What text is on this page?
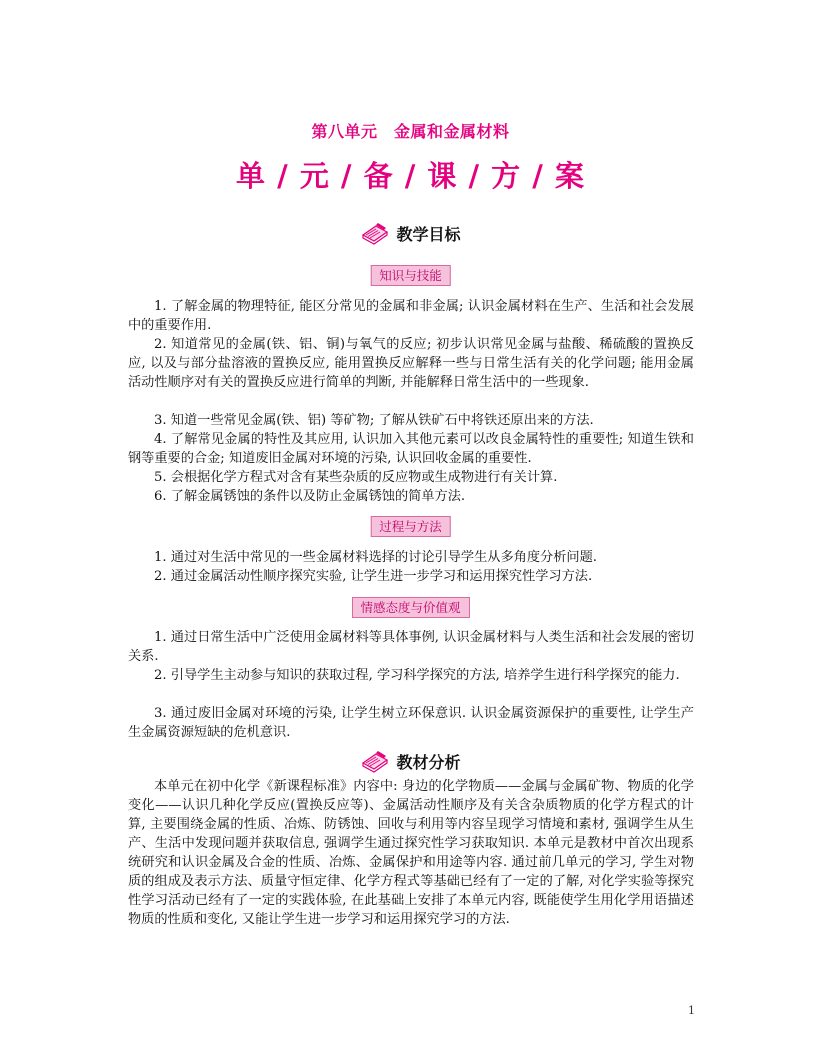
第八单元　金属和金属材料
单 / 元 / 备 / 课 / 方 / 案
教学目标
知识与技能

1. 了解金属的物理特征, 能区分常见的金属和非金属; 认识金属材料在生产、生活和社会发展中的重要作用.

2. 知道常见的金属(铁、铝、铜)与氧气的反应; 初步认识常见金属与盐酸、稀硫酸的置换反应, 以及与部分盐溶液的置换反应, 能用置换反应解释一些与日常生活有关的化学问题; 能用金属活动性顺序对有关的置换反应进行简单的判断, 并能解释日常生活中的一些现象.

3. 知道一些常见金属(铁、铝) 等矿物; 了解从铁矿石中将铁还原出来的方法.

4. 了解常见金属的特性及其应用, 认识加入其他元素可以改良金属特性的重要性; 知道生铁和钢等重要的合金; 知道废旧金属对环境的污染, 认识回收金属的重要性.

5. 会根据化学方程式对含有某些杂质的反应物或生成物进行有关计算.

6. 了解金属锈蚀的条件以及防止金属锈蚀的简单方法.

过程与方法

1. 通过对生活中常见的一些金属材料选择的讨论引导学生从多角度分析问题.

2. 通过金属活动性顺序探究实验, 让学生进一步学习和运用探究性学习方法.

情感态度与价值观

1. 通过日常生活中广泛使用金属材料等具体事例, 认识金属材料与人类生活和社会发展的密切关系.

2. 引导学生主动参与知识的获取过程, 学习科学探究的方法, 培养学生进行科学探究的能力.

3. 通过废旧金属对环境的污染, 让学生树立环保意识. 认识金属资源保护的重要性, 让学生产生金属资源短缺的危机意识.

教材分析

本单元在初中化学《新课程标准》内容中: 身边的化学物质——金属与金属矿物、物质的化学变化——认识几种化学反应(置换反应等)、金属活动性顺序及有关含杂质物质的化学方程式的计算, 主要围绕金属的性质、冶炼、防锈蚀、回收与利用等内容呈现学习情境和素材, 强调学生从生产、生活中发现问题并获取信息, 强调学生通过探究性学习获取知识. 本单元是教材中首次出现系统研究和认识金属及合金的性质、冶炼、金属保护和用途等内容. 通过前几单元的学习, 学生对物质的组成及表示方法、质量守恒定律、化学方程式等基础已经有了一定的了解, 对化学实验等探究性学习活动已经有了一定的实践体验, 在此基础上安排了本单元内容, 既能使学生用化学用语描述物质的性质和变化, 又能让学生进一步学习和运用探究学习的方法.

1
